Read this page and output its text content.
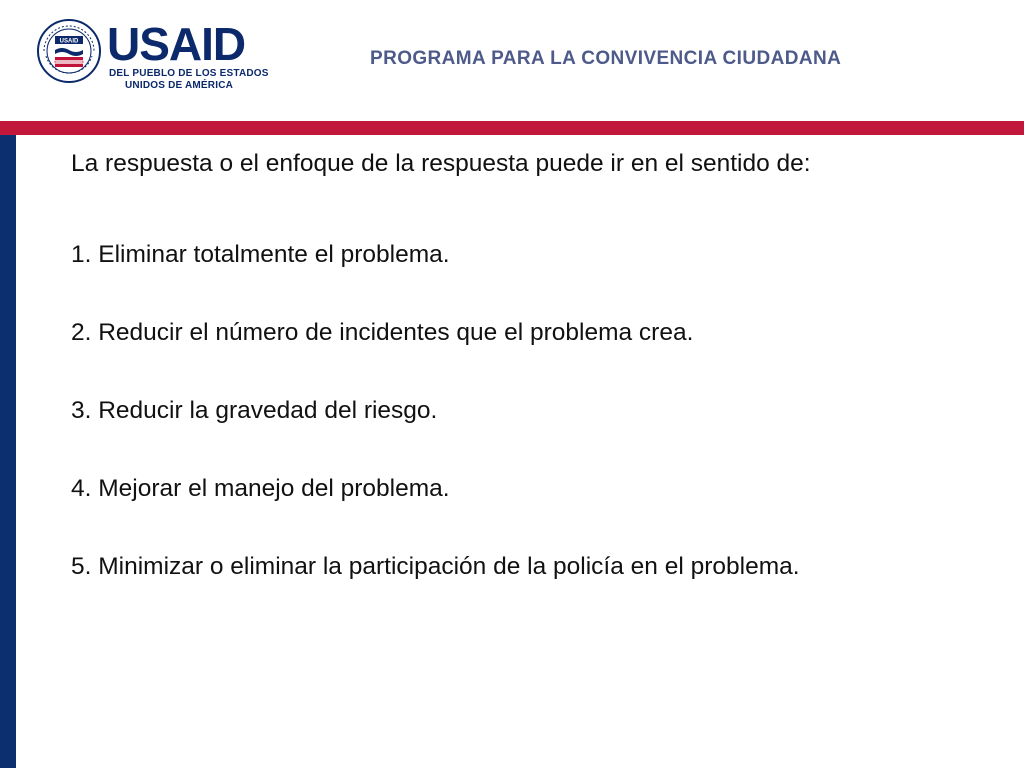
USAID USAID
DEL PUEBLO DE LOS ESTADOS
UNIDOS DE AMÉRICA
PROGRAMA PARA LA CONVIVENCIA CIUDADANA

La respuesta o el enfoque de la respuesta puede ir en el sentido de:

1. Eliminar totalmente el problema.

2. Reducir el número de incidentes que el problema crea.

3. Reducir la gravedad del riesgo.

4. Mejorar el manejo del problema.

5. Minimizar o eliminar la participación de la policía en el problema.
